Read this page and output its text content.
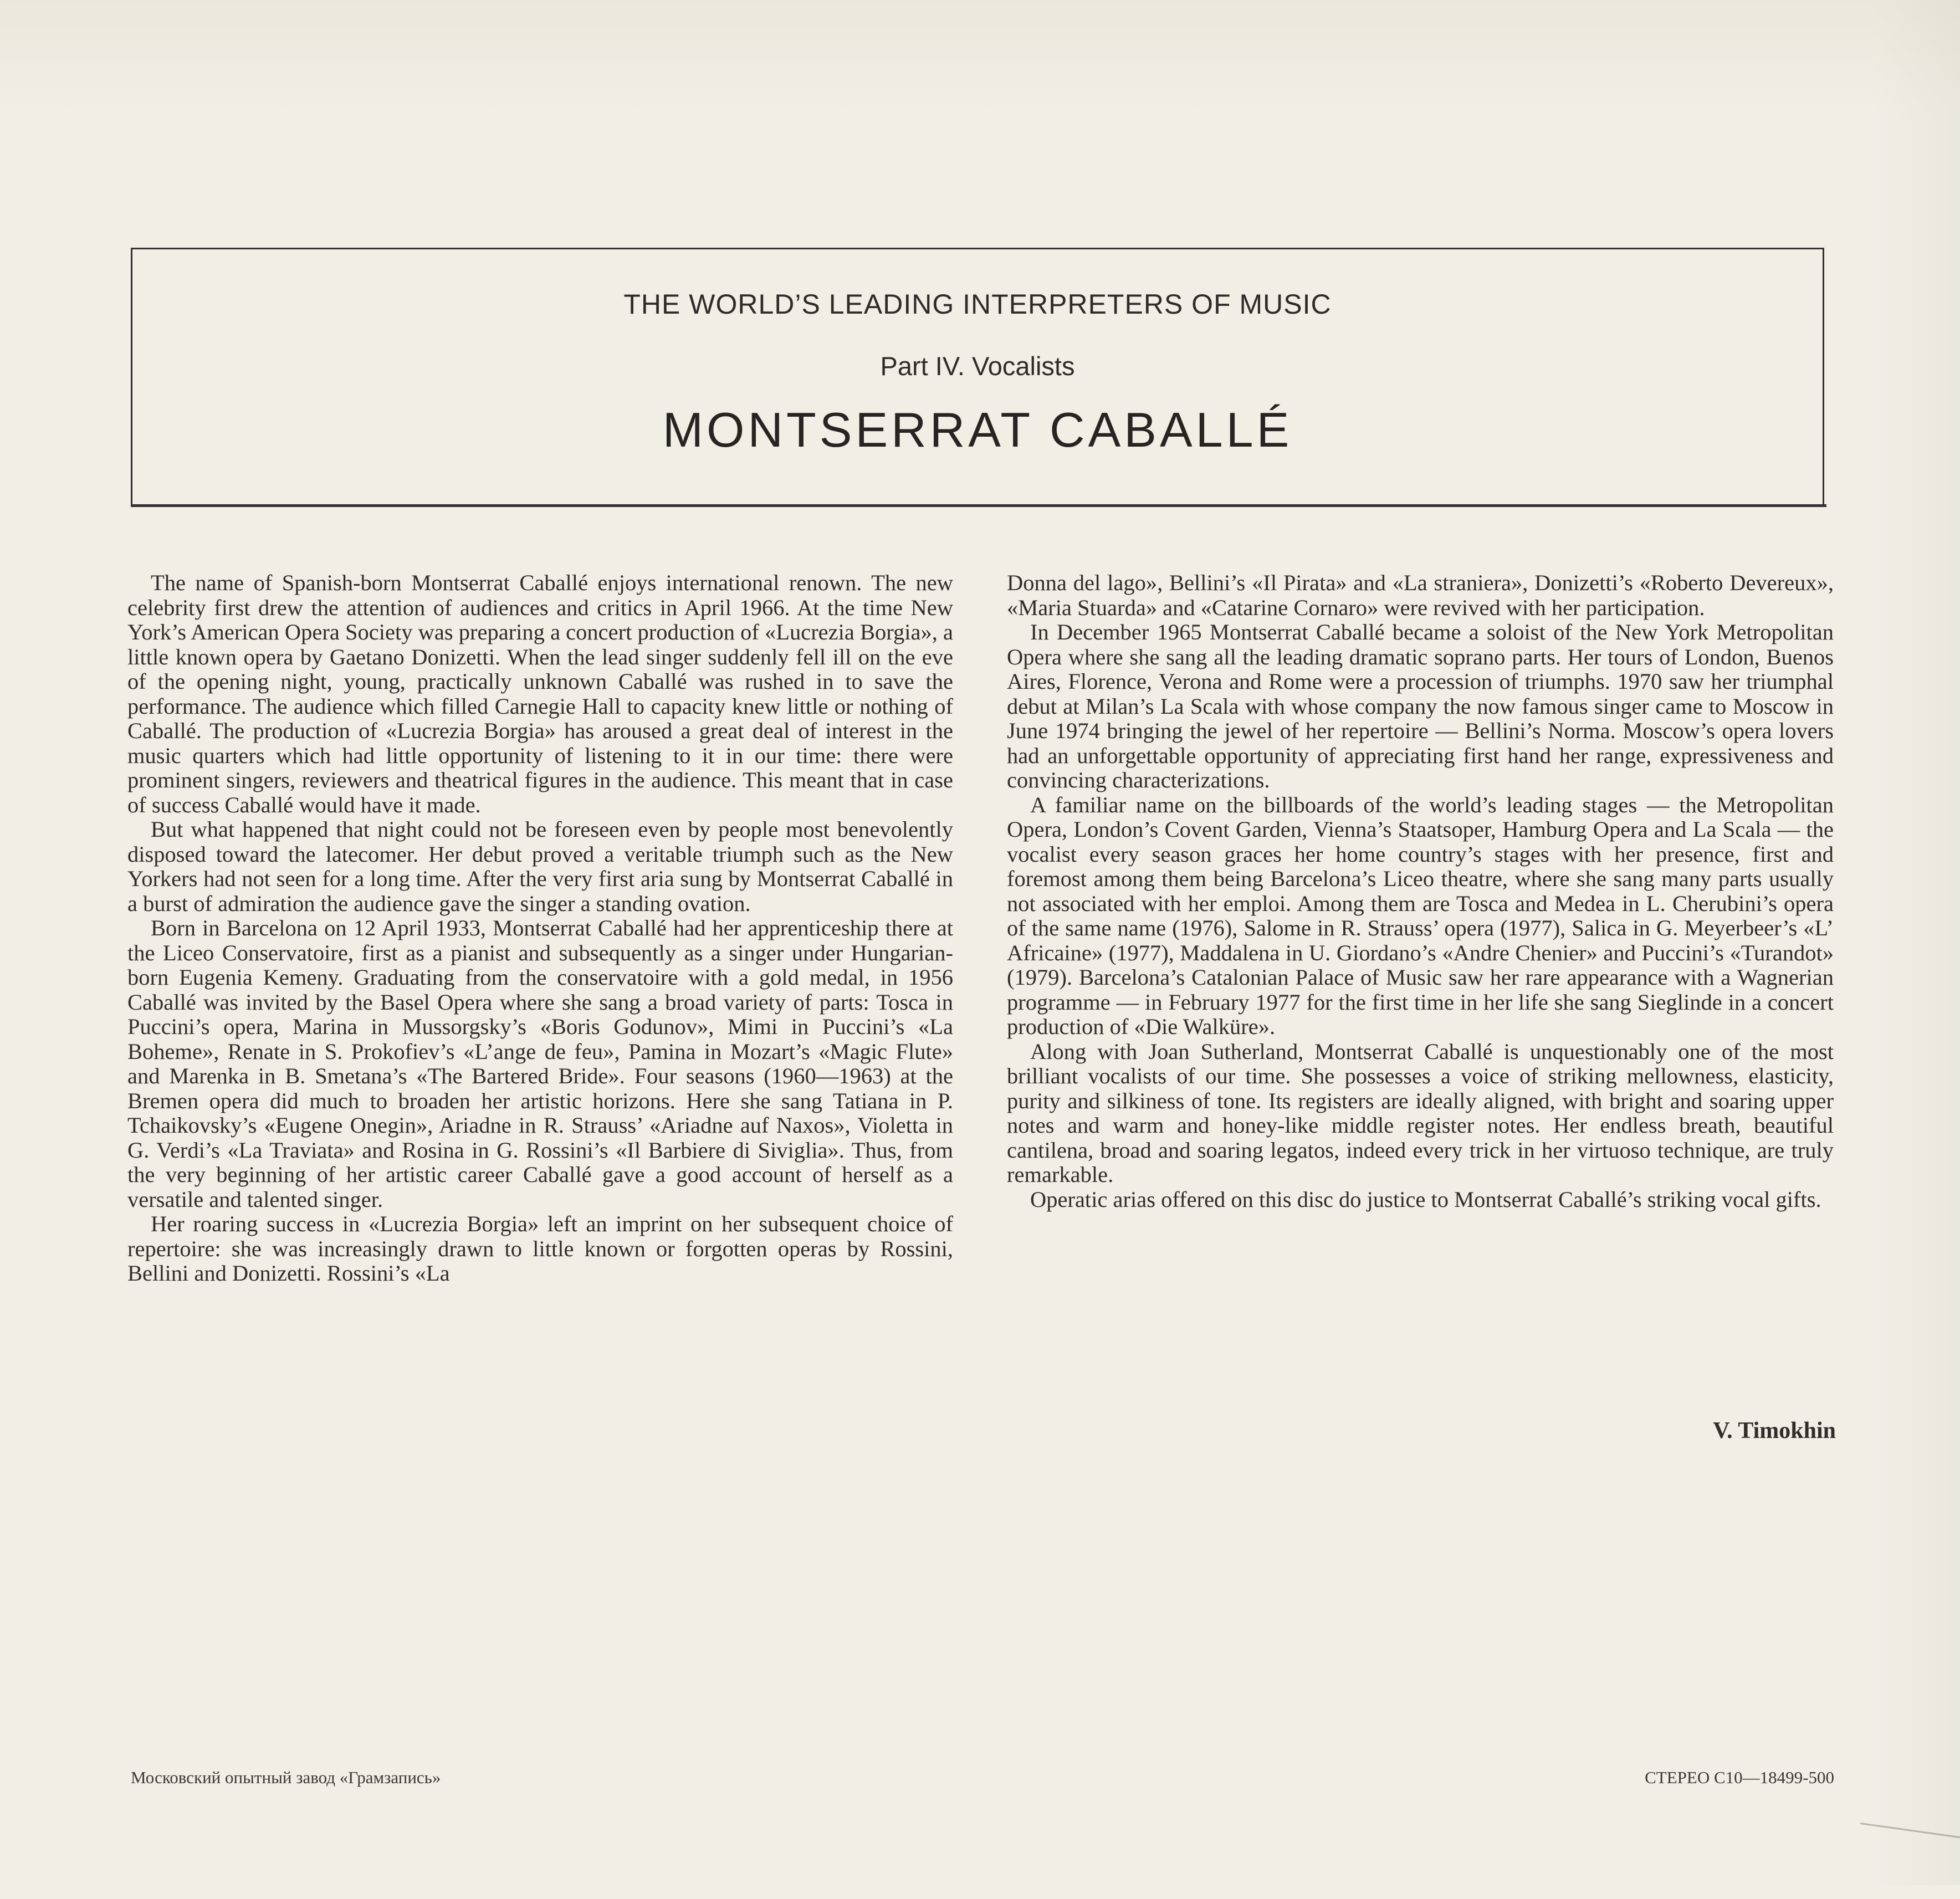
THE WORLD’S LEADING INTERPRETERS OF MUSIC
Part IV. Vocalists
MONTSERRAT CABALLÉ

The name of Spanish-born Montserrat Caballé enjoys international renown. The new celebrity first drew the attention of audiences and critics in April 1966. At the time New York’s American Opera Society was preparing a concert production of «Lucrezia Borgia», a little known opera by Gaetano Donizetti. When the lead singer suddenly fell ill on the eve of the opening night, young, practically unknown Caballé was rushed in to save the performance. The audience which filled Carnegie Hall to capacity knew little or nothing of Caballé. The production of «Lucrezia Borgia» has aroused a great deal of interest in the music quarters which had little opportunity of listening to it in our time: there were prominent singers, reviewers and theatrical figures in the audience. This meant that in case of success Caballé would have it made.

But what happened that night could not be foreseen even by people most benevolently disposed toward the latecomer. Her debut proved a veritable triumph such as the New Yorkers had not seen for a long time. After the very first aria sung by Montserrat Caballé in a burst of admiration the audience gave the singer a standing ovation.

Born in Barcelona on 12 April 1933, Montserrat Caballé had her apprenticeship there at the Liceo Conservatoire, first as a pianist and subsequently as a singer under Hungarian-born Eugenia Kemeny. Graduating from the conservatoire with a gold medal, in 1956 Caballé was invited by the Basel Opera where she sang a broad variety of parts: Tosca in Puccini’s opera, Marina in Mussorgsky’s «Boris Godunov», Mimi in Puccini’s «La Boheme», Renate in S. Prokofiev’s «L’ange de feu», Pamina in Mozart’s «Magic Flute» and Marenka in B. Smetana’s «The Bartered Bride». Four seasons (1960—1963) at the Bremen opera did much to broaden her artistic horizons. Here she sang Tatiana in P. Tchaikovsky’s «Eugene Onegin», Ariadne in R. Strauss’ «Ariadne auf Naxos», Violetta in G. Verdi’s «La Traviata» and Rosina in G. Rossini’s «Il Barbiere di Siviglia». Thus, from the very beginning of her artistic career Caballé gave a good account of herself as a versatile and talented singer.

Her roaring success in «Lucrezia Borgia» left an imprint on her subsequent choice of repertoire: she was increasingly drawn to little known or forgotten operas by Rossini, Bellini and Donizetti. Rossini’s «La

Donna del lago», Bellini’s «Il Pirata» and «La straniera», Donizetti’s «Roberto Devereux», «Maria Stuarda» and «Catarine Cornaro» were revived with her participation.

In December 1965 Montserrat Caballé became a soloist of the New York Metropolitan Opera where she sang all the leading dramatic soprano parts. Her tours of London, Buenos Aires, Florence, Verona and Rome were a procession of triumphs. 1970 saw her triumphal debut at Milan’s La Scala with whose company the now famous singer came to Moscow in June 1974 bringing the jewel of her repertoire — Bellini’s Norma. Moscow’s opera lovers had an unforgettable opportunity of appreciating first hand her range, expressiveness and convincing characterizations.

A familiar name on the billboards of the world’s leading stages — the Metropolitan Opera, London’s Covent Garden, Vienna’s Staatsoper, Hamburg Opera and La Scala — the vocalist every season graces her home country’s stages with her presence, first and foremost among them being Barcelona’s Liceo theatre, where she sang many parts usually not associated with her emploi. Among them are Tosca and Medea in L. Cherubini’s opera of the same name (1976), Salome in R. Strauss’ opera (1977), Salica in G. Meyerbeer’s «L’ Africaine» (1977), Maddalena in U. Giordano’s «Andre Chenier» and Puccini’s «Turandot» (1979). Barcelona’s Catalonian Palace of Music saw her rare appearance with a Wagnerian programme — in February 1977 for the first time in her life she sang Sieglinde in a concert production of «Die Walküre».

Along with Joan Sutherland, Montserrat Caballé is unquestionably one of the most brilliant vocalists of our time. She possesses a voice of striking mellowness, elasticity, purity and silkiness of tone. Its registers are ideally aligned, with bright and soaring upper notes and warm and honey-like middle register notes. Her endless breath, beautiful cantilena, broad and soaring legatos, indeed every trick in her virtuoso technique, are truly remarkable.

Operatic arias offered on this disc do justice to Montserrat Caballé’s striking vocal gifts.

V. Timokhin
Московский опытный завод «Грамзапись»	СТЕРЕО С10—18499-500
